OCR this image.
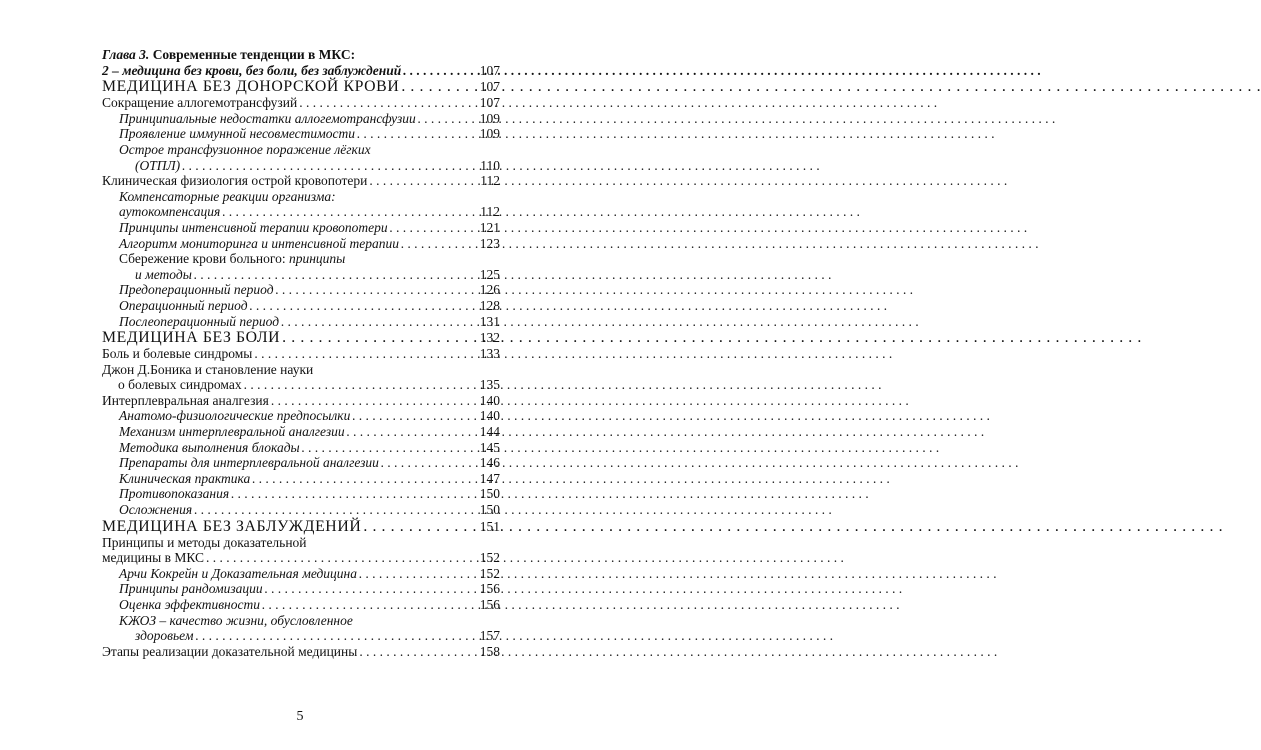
Глава 3. Современные тенденции в МКС:
2 – медицина без крови, без боли, без заблуждений . . .	107
МЕДИЦИНА БЕЗ ДОНОРСКОЙ КРОВИ . . .	107
Сокращение аллогемотрансфузий . . .	107
Принципиальные недостатки аллогемотрансфузии . . .	109
Проявление иммунной несовместимости . . .	109
Острое трансфузионное поражение лёгких
(ОТПЛ) . . .	110
Клиническая физиология острой кровопотери . . .	112
Компенсаторные реакции организма:
аутокомпенсация . . .	112
Принципы интенсивной терапии кровопотери . . .	121
Алгоритм мониторинга и интенсивной терапии . . .	123
Сбережение крови больного: принципы
и методы . . .	125
Предоперационный период . . .	126
Операционный период . . .	128
Послеоперационный период . . .	131
МЕДИЦИНА БЕЗ БОЛИ . . .	132
Боль и болевые синдромы . . .	133
Джон Д.Боника и становление науки
о болевых синдромах . . .	135
Интерплевральная аналгезия . . .	140
Анатомо-физиологические предпосылки . . .	140
Механизм интерплевральной аналгезии . . .	144
Методика выполнения блокады . . .	145
Препараты для интерплевральной аналгезии . . .	146
Клиническая практика . . .	147
Противопоказания . . .	150
Осложнения . . .	150
МЕДИЦИНА БЕЗ ЗАБЛУЖДЕНИЙ . . .	151
Принципы и методы доказательной
медицины в МКС . . .	152
Арчи Кокрейн и Доказательная медицина . . .	152
Принципы рандомизации . . .	156
Оценка эффективности . . .	156
КЖОЗ – качество жизни, обусловленное
здоровьем . . .	157
Этапы реализации доказательной медицины . . .	158
5
